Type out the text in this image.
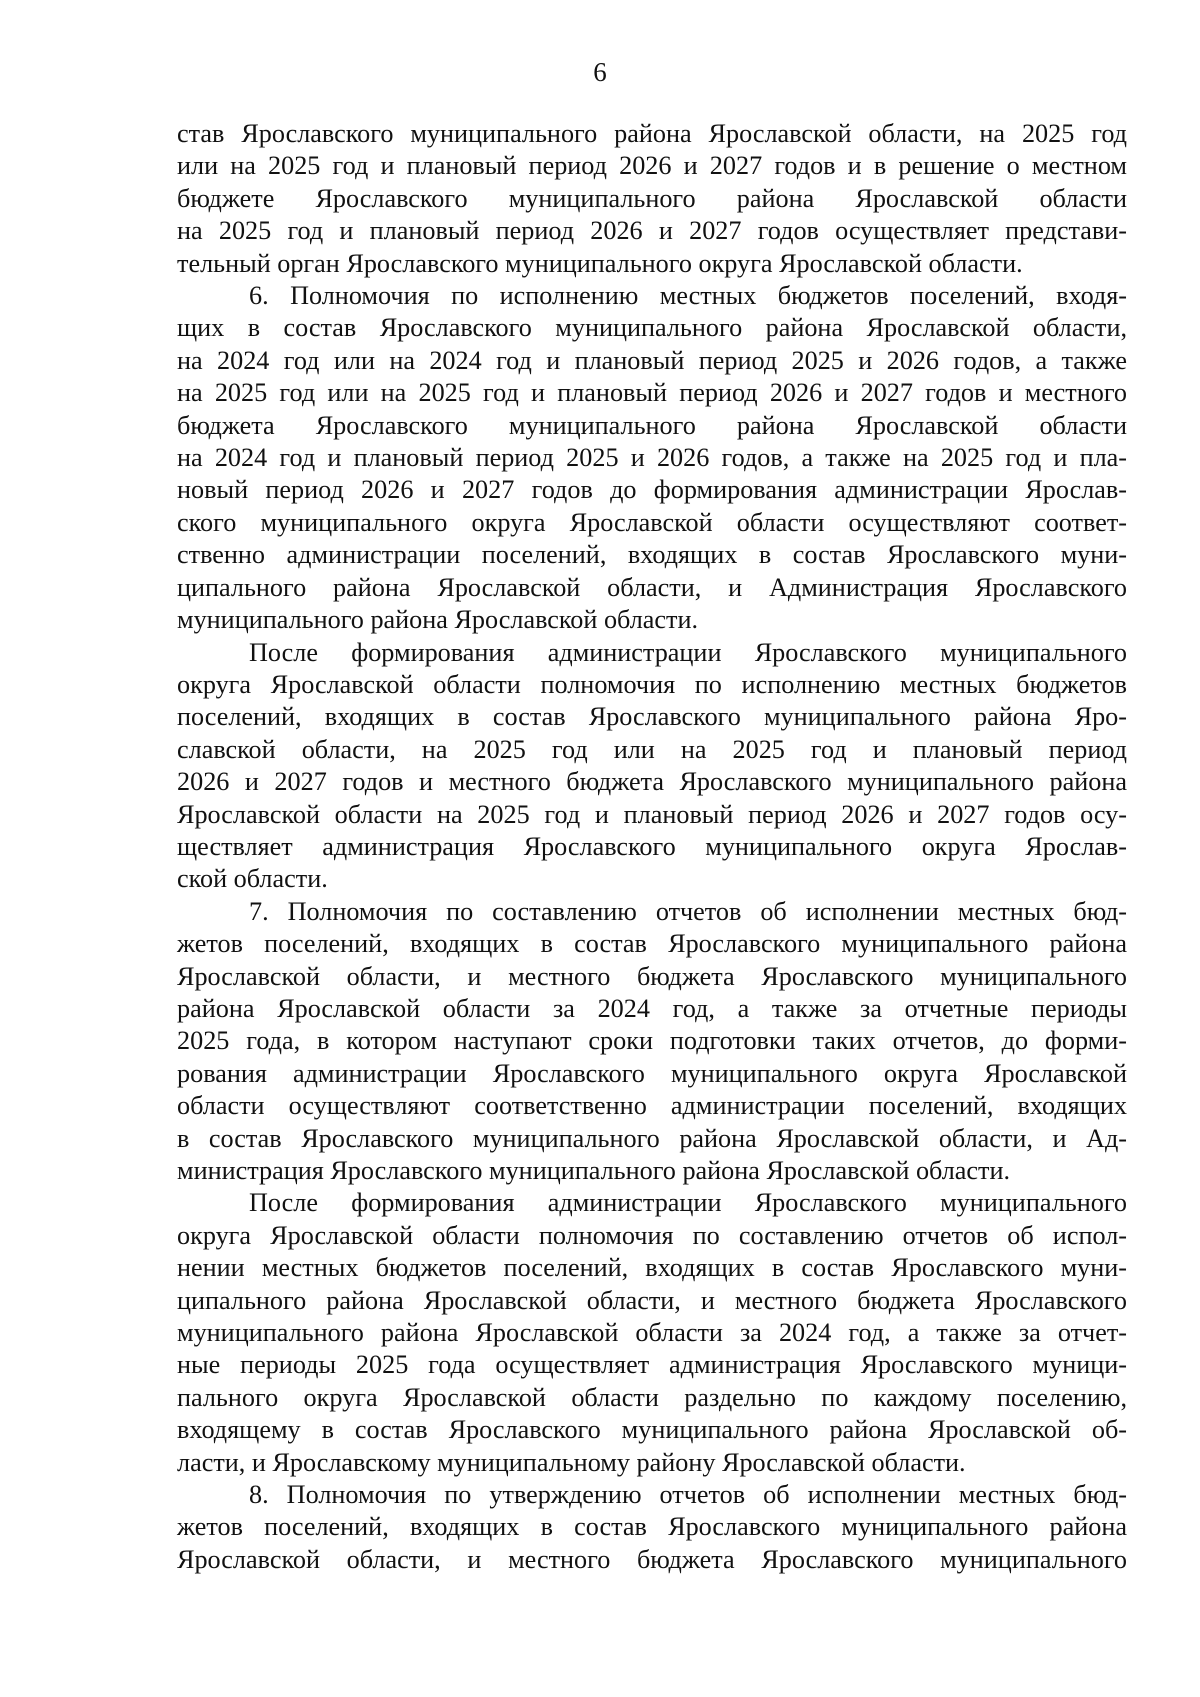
6
став Ярославского муниципального района Ярославской области, на 2025 год
или на 2025 год и плановый период 2026 и 2027 годов и в решение о местном
бюджете Ярославского муниципального района Ярославской области
на 2025 год и плановый период 2026 и 2027 годов осуществляет представи-
тельный орган Ярославского муниципального округа Ярославской области.
6. Полномочия по исполнению местных бюджетов поселений, входя-
щих в состав Ярославского муниципального района Ярославской области,
на 2024 год или на 2024 год и плановый период 2025 и 2026 годов, а также
на 2025 год или на 2025 год и плановый период 2026 и 2027 годов и местного
бюджета Ярославского муниципального района Ярославской области
на 2024 год и плановый период 2025 и 2026 годов, а также на 2025 год и пла-
новый период 2026 и 2027 годов до формирования администрации Ярослав-
ского муниципального округа Ярославской области осуществляют соответ-
ственно администрации поселений, входящих в состав Ярославского муни-
ципального района Ярославской области, и Администрация Ярославского
муниципального района Ярославской области.
После формирования администрации Ярославского муниципального
округа Ярославской области полномочия по исполнению местных бюджетов
поселений, входящих в состав Ярославского муниципального района Яро-
славской области, на 2025 год или на 2025 год и плановый период
2026 и 2027 годов и местного бюджета Ярославского муниципального района
Ярославской области на 2025 год и плановый период 2026 и 2027 годов осу-
ществляет администрация Ярославского муниципального округа Ярослав-
ской области.
7. Полномочия по составлению отчетов об исполнении местных бюд-
жетов поселений, входящих в состав Ярославского муниципального района
Ярославской области, и местного бюджета Ярославского муниципального
района Ярославской области за 2024 год, а также за отчетные периоды
2025 года, в котором наступают сроки подготовки таких отчетов, до форми-
рования администрации Ярославского муниципального округа Ярославской
области осуществляют соответственно администрации поселений, входящих
в состав Ярославского муниципального района Ярославской области, и Ад-
министрация Ярославского муниципального района Ярославской области.
После формирования администрации Ярославского муниципального
округа Ярославской области полномочия по составлению отчетов об испол-
нении местных бюджетов поселений, входящих в состав Ярославского муни-
ципального района Ярославской области, и местного бюджета Ярославского
муниципального района Ярославской области за 2024 год, а также за отчет-
ные периоды 2025 года осуществляет администрация Ярославского муници-
пального округа Ярославской области раздельно по каждому поселению,
входящему в состав Ярославского муниципального района Ярославской об-
ласти, и Ярославскому муниципальному району Ярославской области.
8. Полномочия по утверждению отчетов об исполнении местных бюд-
жетов поселений, входящих в состав Ярославского муниципального района
Ярославской области, и местного бюджета Ярославского муниципального
